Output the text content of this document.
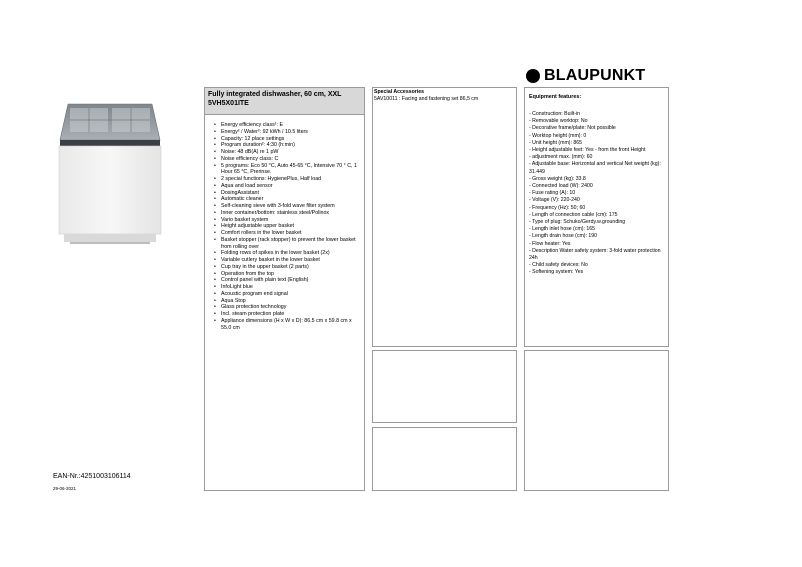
BLAUPUNKT
EAN-Nr.:4251003106114
29-06-2021
Fully integrated dishwasher, 60 cm, XXL
5VH5X01ITE
• Energy efficiency class¹: E
• Energy² / Water²: 92 kWh / 10.5 liters
• Capacity: 12 place settings
• Program duration²: 4:30 (h:min)
• Noise: 48 dB(A) re 1 pW
• Noise efficiency class: C
• 5 programs: Eco 50 °C, Auto 45-65 °C, Intensive 70 ° C, 1 Hour 65 °C, Prerinse.
• 2 special functions: HygienePlus, Half load
• Aqua and load sensor
• DosingAssistant
• Automatic cleaner
• Self-cleaning sieve with 3-fold wave filter system
• Inner container/bottom: stainless steel/Polinox
• Vario basket system
• Height adjustable upper basket
• Comfort rollers in the lower basket
• Basket stopper (rack stopper) to prevent the lower basket from rolling over
• Folding rows of spikes in the lower basket (2x)
• Variable cutlery basket in the lower basket
• Cup tray in the upper basket (2 parts)
• Operation from the top
• Control panel with plain text (English)
• InfoLight blue
• Acoustic program end signal
• Aqua Stop
• Glass protection technology
• Incl. steam protection plate
• Appliance dimensions (H x W x D): 86.5 cm x 59.8 cm x 55.0 cm
Special Accessories
5AV10011 : Facing and fastening set 86,5 cm	Equipment features:
- Construction: Built-in
- Removable worktop: No
- Decorative frame/plate: Not possible
- Worktop height (mm): 0
- Unit height (mm): 865
- Height adjustable feet: Yes - from the front Height
- adjustment max. (mm): 60
- Adjustable base: Horizontal and vertical Net weight (kg): 31.449
- Gross weight (kg): 33.8
- Connected load (W): 2400
- Fuse rating (A): 10
- Voltage (V): 220-240
- Frequency (Hz): 50; 60
- Length of connection cable (cm): 175
- Type of plug: Schuko/Gerdy.w.grounding
- Length inlet hose (cm): 165
- Length drain hose (cm): 190
- Flow heater: Yes
- Description Water safety system: 3-fold water protection 24h
- Child safety devices: No
- Softening system: Yes
